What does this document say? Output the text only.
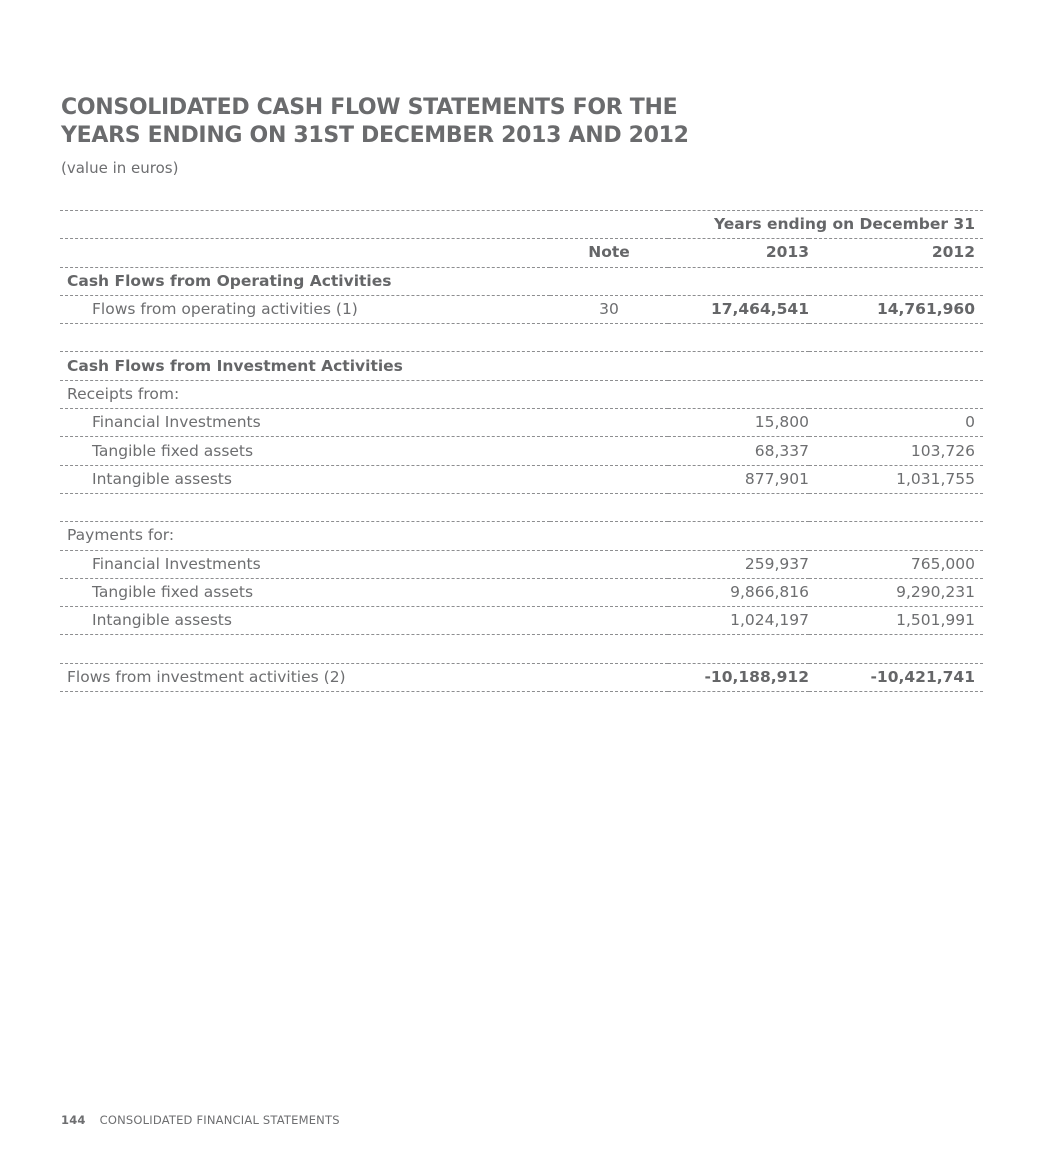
CONSOLIDATED CASH FLOW STATEMENTS FOR THE
YEARS ENDING ON 31ST DECEMBER 2013 AND 2012
(value in euros)
		Years ending on December 31	
	Note	2013	2012
Cash Flows from Operating Activities			
Flows from operating activities (1)	30	17,464,541	14,761,960

Cash Flows from Investment Activities			
Receipts from:			
Financial Investments		15,800	0
Tangible fixed assets		68,337	103,726
Intangible assests		877,901	1,031,755

Payments for:			
Financial Investments		259,937	765,000
Tangible fixed assets		9,866,816	9,290,231
Intangible assests		1,024,197	1,501,991

Flows from investment activities (2)		-10,188,912	-10,421,741
144 CONSOLIDATED FINANCIAL STATEMENTS
